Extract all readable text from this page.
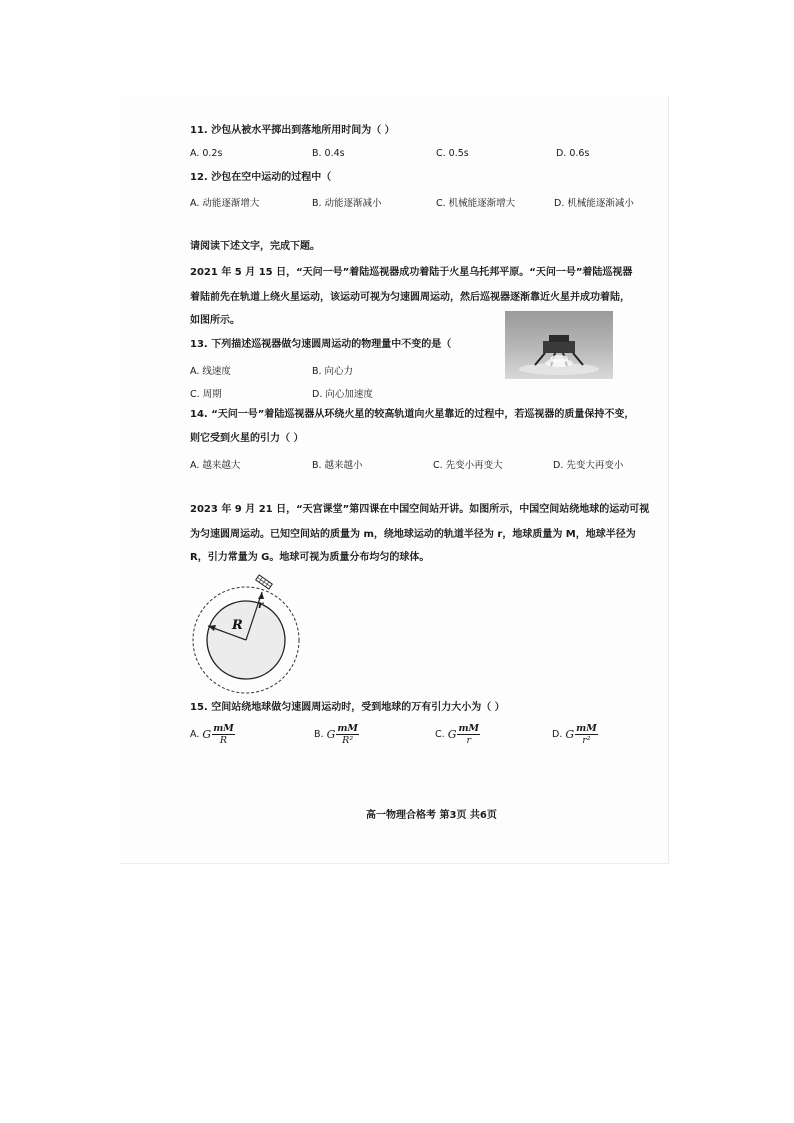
11. 沙包从被水平掷出到落地所用时间为（ ）
A. 0.2s	B. 0.4s	C. 0.5s	D. 0.6s
12. 沙包在空中运动的过程中（
A. 动能逐渐增大	B. 动能逐渐减小	C. 机械能逐渐增大	D. 机械能逐渐减小
请阅读下述文字，完成下题。
2021 年 5 月 15 日，“天问一号”着陆巡视器成功着陆于火星乌托邦平原。“天问一号”着陆巡视器
着陆前先在轨道上绕火星运动，该运动可视为匀速圆周运动，然后巡视器逐渐靠近火星并成功着陆，
如图所示。
13. 下列描述巡视器做匀速圆周运动的物理量中不变的是（
A. 线速度	B. 向心力
C. 周期	D. 向心加速度
14. “天问一号”着陆巡视器从环绕火星的较高轨道向火星靠近的过程中，若巡视器的质量保持不变，
则它受到火星的引力（ ）
A. 越来越大	B. 越来越小	C. 先变小再变大	D. 先变大再变小
2023 年 9 月 21 日，“天宫课堂”第四课在中国空间站开讲。如图所示，中国空间站绕地球的运动可视
为匀速圆周运动。已知空间站的质量为 m，绕地球运动的轨道半径为 r，地球质量为 M，地球半径为
R，引力常量为 G。地球可视为质量分布均匀的球体。
R
r
15. 空间站绕地球做匀速圆周运动时，受到地球的万有引力大小为（ ）
A. G $\frac{mM}{R}$	B. G $\frac{mM}{\text{R²}}$	C. G $\frac{mM}{r}$	D. G $\frac{mM}{\text{r²}}$
高一物理合格考 第3页 共6页
